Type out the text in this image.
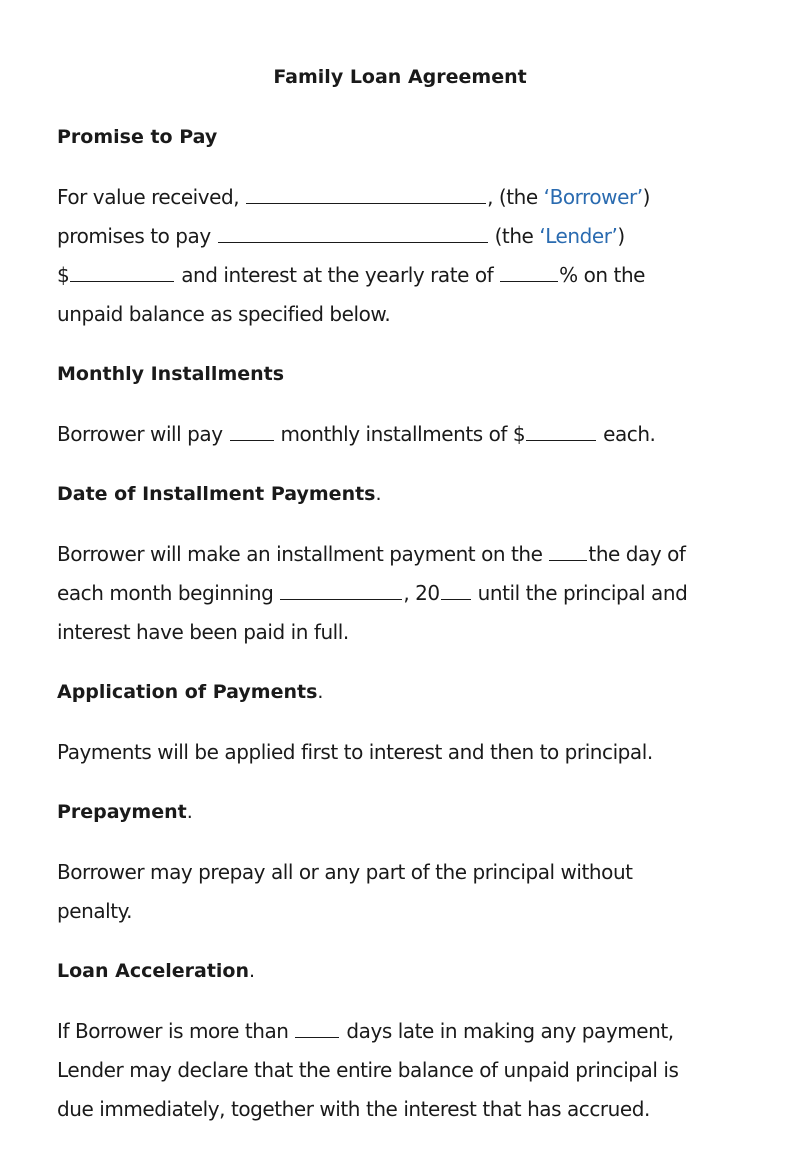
Family Loan Agreement
Promise to Pay

For value received,	, (the ‘Borrower’)

promises to pay	(the ‘Lender’)

$	and interest at the yearly rate of	% on the

unpaid balance as specified below.

Monthly Installments

Borrower will pay	monthly installments of $	each.

Date of Installment Payments.

Borrower will make an installment payment on the the day of

each month beginning	, 20 until the principal and

interest have been paid in full.

Application of Payments.

Payments will be applied first to interest and then to principal.

Prepayment.

Borrower may prepay all or any part of the principal without

penalty.

Loan Acceleration.

If Borrower is more than	days late in making any payment,

Lender may declare that the entire balance of unpaid principal is

due immediately, together with the interest that has accrued.
